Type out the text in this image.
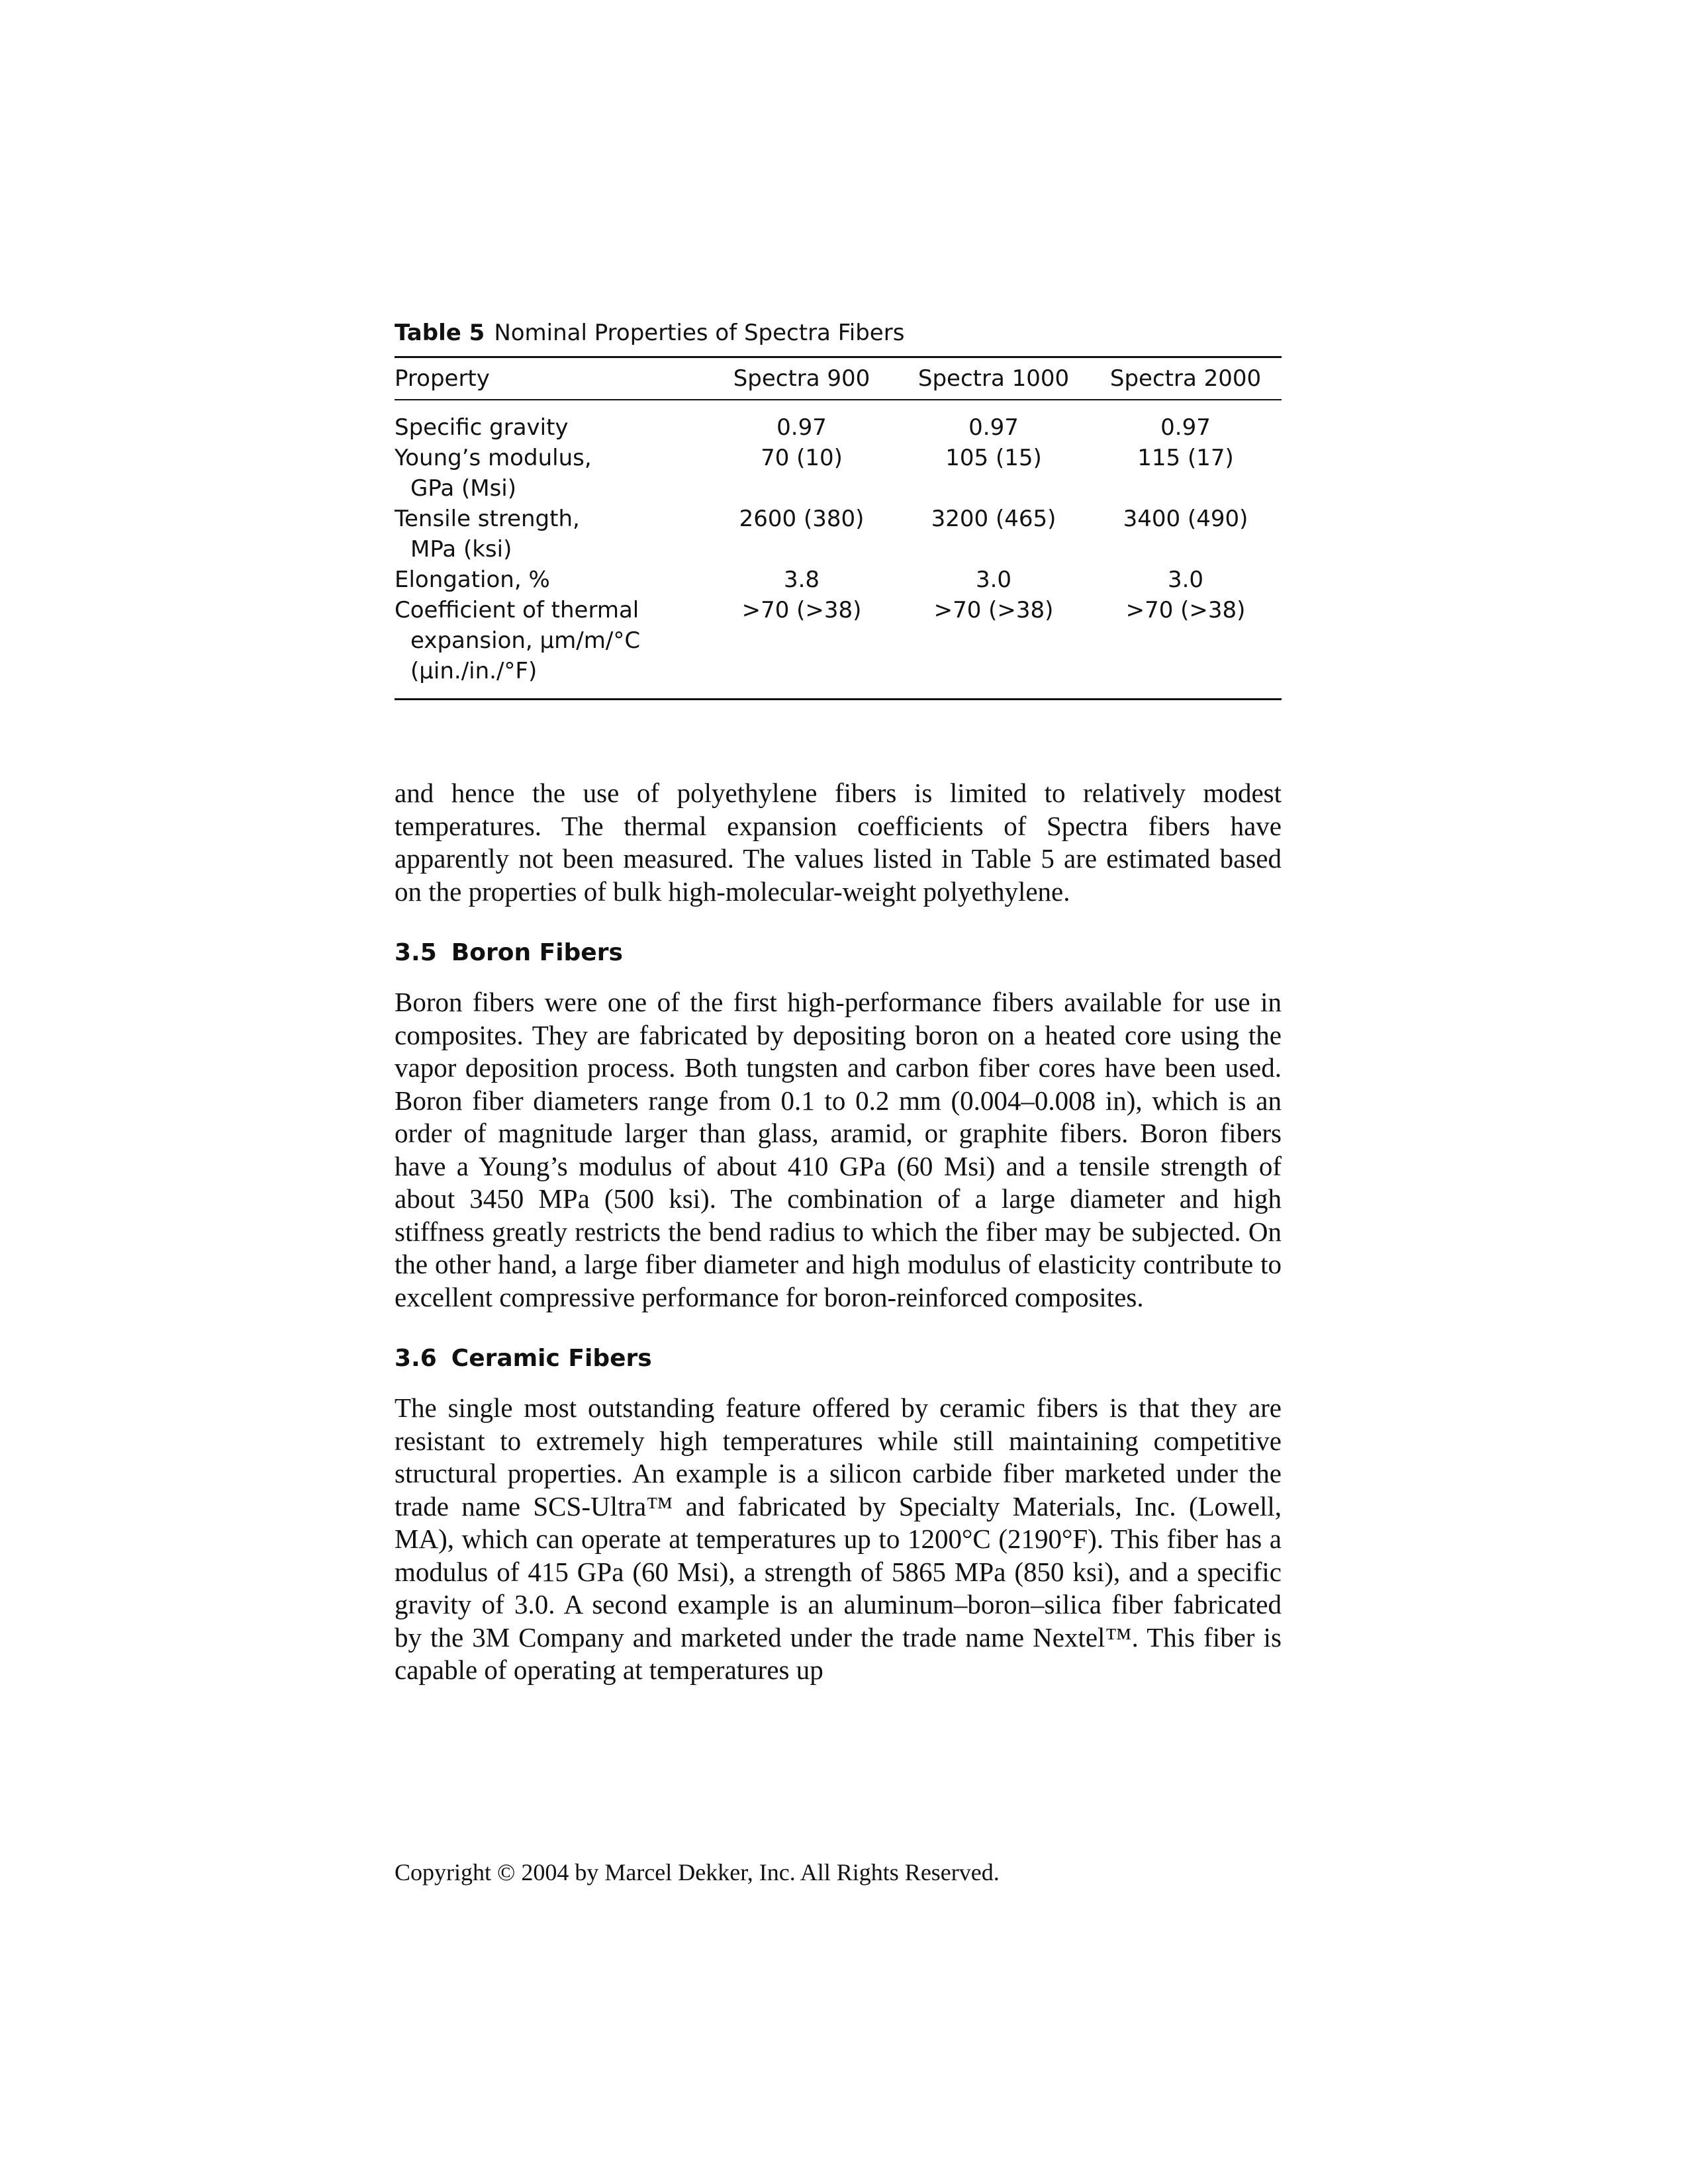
Table 5 Nominal Properties of Spectra Fibers
Property	Spectra 900	Spectra 1000	Spectra 2000

Specific gravity	0.97	0.97	0.97

Young’s modulus,
GPa (Msi)	70 (10)	105 (15)	115 (17)

Tensile strength,
MPa (ksi)	2600 (380)	3200 (465)	3400 (490)

Elongation, %	3.8	3.0	3.0

Coefficient of thermal
expansion, µm/m/°C
(µin./in./°F)	>70 (>38)	>70 (>38)	>70 (>38)

and hence the use of polyethylene fibers is limited to relatively modest temperatures. The thermal expansion coefficients of Spectra fibers have apparently not been measured. The values listed in Table 5 are estimated based on the properties of bulk high-molecular-weight polyethylene.

3.5 Boron Fibers

Boron fibers were one of the first high-performance fibers available for use in composites. They are fabricated by depositing boron on a heated core using the vapor deposition process. Both tungsten and carbon fiber cores have been used. Boron fiber diameters range from 0.1 to 0.2 mm (0.004–0.008 in), which is an order of magnitude larger than glass, aramid, or graphite fibers. Boron fibers have a Young’s modulus of about 410 GPa (60 Msi) and a tensile strength of about 3450 MPa (500 ksi). The combination of a large diameter and high stiffness greatly restricts the bend radius to which the fiber may be subjected. On the other hand, a large fiber diameter and high modulus of elasticity contribute to excellent compressive performance for boron-reinforced composites.

3.6 Ceramic Fibers

The single most outstanding feature offered by ceramic fibers is that they are resistant to extremely high temperatures while still maintaining competitive structural properties. An example is a silicon carbide fiber marketed under the trade name SCS-Ultra™ and fabricated by Specialty Materials, Inc. (Lowell, MA), which can operate at temperatures up to 1200°C (2190°F). This fiber has a modulus of 415 GPa (60 Msi), a strength of 5865 MPa (850 ksi), and a specific gravity of 3.0. A second example is an aluminum–boron–silica fiber fabricated by the 3M Company and marketed under the trade name Nextel™. This fiber is capable of operating at temperatures up

Copyright © 2004 by Marcel Dekker, Inc. All Rights Reserved.
